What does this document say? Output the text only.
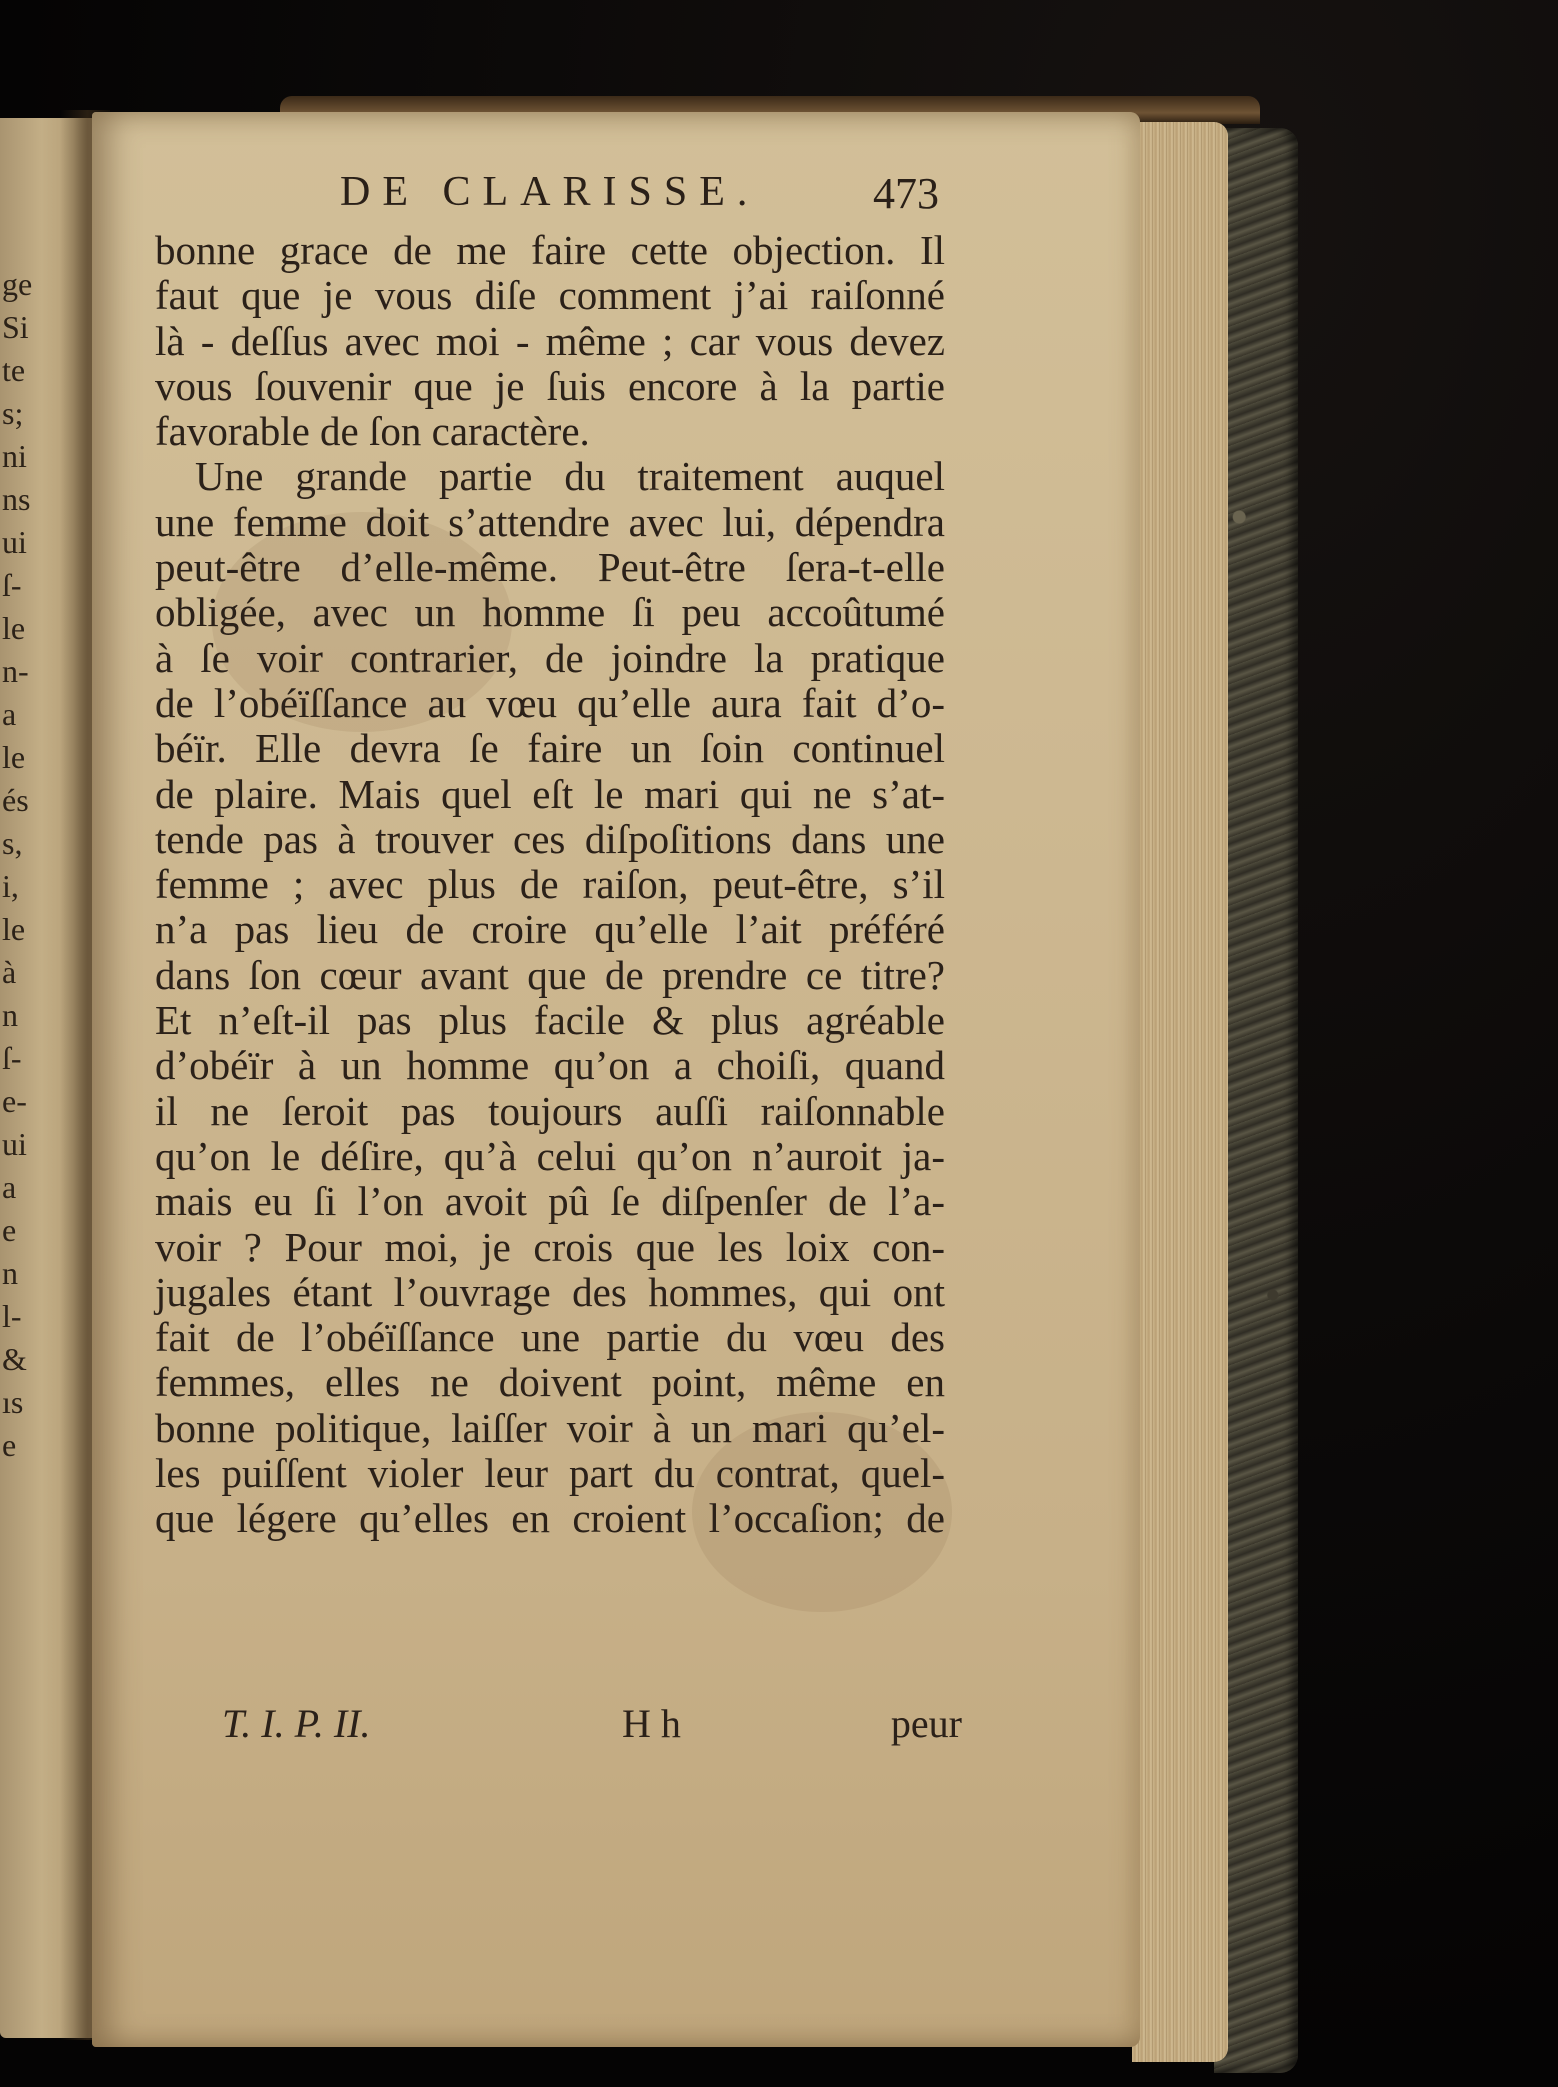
ge
Si
te
s;
ni
ns
ui
ſ-
le
n-
a
le
és
s,
i,
le
à
n
ſ-
e-
ui
a
e
n
l-
&
ıs
e
DE CLARISSE.	473
bonne grace de me faire cette objection. Il
faut que je vous diſe comment j’ai raiſonné
là - deſſus avec moi - même ; car vous devez
vous ſouvenir que je ſuis encore à la partie
favorable de ſon caractère.
Une grande partie du traitement auquel
une femme doit s’attendre avec lui, dépendra
peut-être d’elle-même. Peut-être ſera-t-elle
obligée, avec un homme ſi peu accoûtumé
à ſe voir contrarier, de joindre la pratique
de l’obéïſſance au vœu qu’elle aura fait d’o-
béïr. Elle devra ſe faire un ſoin continuel
de plaire. Mais quel eſt le mari qui ne s’at-
tende pas à trouver ces diſpoſitions dans une
femme ; avec plus de raiſon, peut-être, s’il
n’a pas lieu de croire qu’elle l’ait préféré
dans ſon cœur avant que de prendre ce titre?
Et n’eſt-il pas plus facile & plus agréable
d’obéïr à un homme qu’on a choiſi, quand
il ne ſeroit pas toujours auſſi raiſonnable
qu’on le déſire, qu’à celui qu’on n’auroit ja-
mais eu ſi l’on avoit pû ſe diſpenſer de l’a-
voir ? Pour moi, je crois que les loix con-
jugales étant l’ouvrage des hommes, qui ont
fait de l’obéïſſance une partie du vœu des
femmes, elles ne doivent point, même en
bonne politique, laiſſer voir à un mari qu’el-
les puiſſent violer leur part du contrat, quel-
que légere qu’elles en croient l’occaſion; de
T. I. P. II.	H h	peur
